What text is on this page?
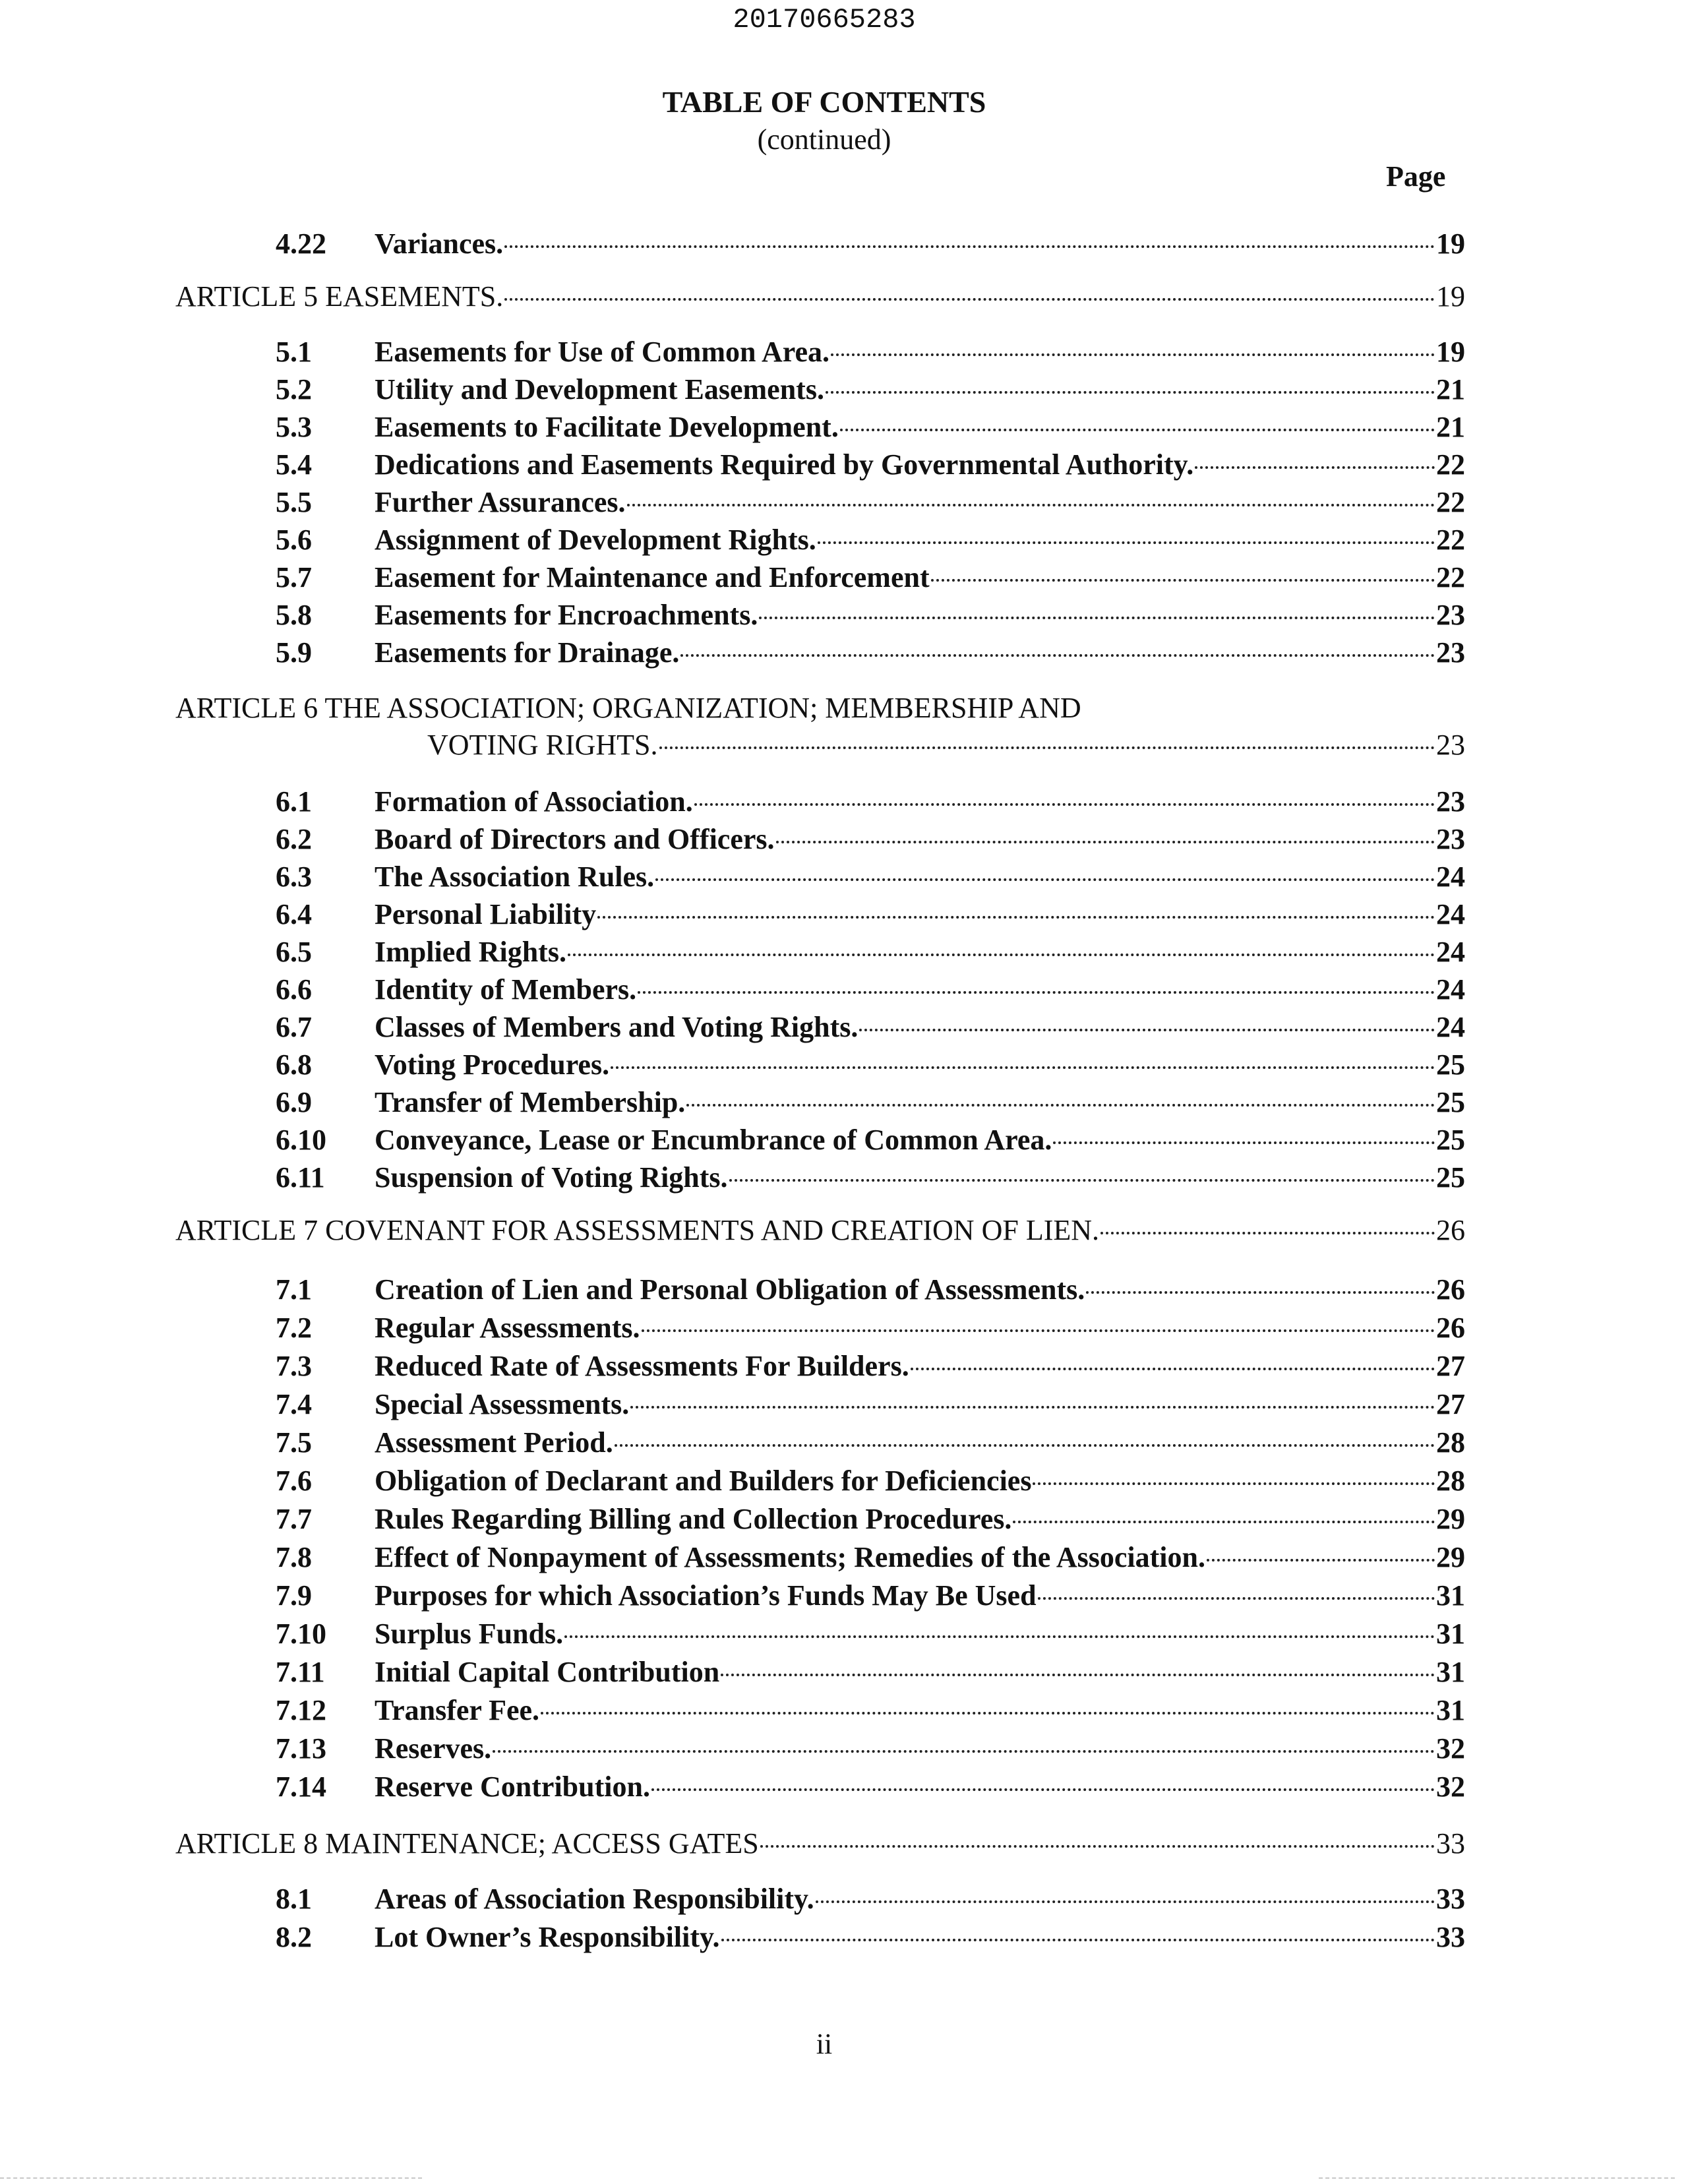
20170665283
TABLE OF CONTENTS
(continued)
Page
4.22	Variances.	19
ARTICLE 5 EASEMENTS.	19
5.1	Easements for Use of Common Area.	19
5.2	Utility and Development Easements.	21
5.3	Easements to Facilitate Development.	21
5.4	Dedications and Easements Required by Governmental Authority.	22
5.5	Further Assurances.	22
5.6	Assignment of Development Rights.	22
5.7	Easement for Maintenance and Enforcement	22
5.8	Easements for Encroachments.	23
5.9	Easements for Drainage.	23
ARTICLE 6 THE ASSOCIATION; ORGANIZATION; MEMBERSHIP AND
VOTING RIGHTS.	23
6.1	Formation of Association.	23
6.2	Board of Directors and Officers.	23
6.3	The Association Rules.	24
6.4	Personal Liability	24
6.5	Implied Rights.	24
6.6	Identity of Members.	24
6.7	Classes of Members and Voting Rights.	24
6.8	Voting Procedures.	25
6.9	Transfer of Membership.	25
6.10	Conveyance, Lease or Encumbrance of Common Area.	25
6.11	Suspension of Voting Rights.	25
ARTICLE 7 COVENANT FOR ASSESSMENTS AND CREATION OF LIEN.	26
7.1	Creation of Lien and Personal Obligation of Assessments.	26
7.2	Regular Assessments.	26
7.3	Reduced Rate of Assessments For Builders.	27
7.4	Special Assessments.	27
7.5	Assessment Period.	28
7.6	Obligation of Declarant and Builders for Deficiencies	28
7.7	Rules Regarding Billing and Collection Procedures.	29
7.8	Effect of Nonpayment of Assessments; Remedies of the Association.	29
7.9	Purposes for which Association’s Funds May Be Used	31
7.10	Surplus Funds.	31
7.11	Initial Capital Contribution	31
7.12	Transfer Fee.	31
7.13	Reserves.	32
7.14	Reserve Contribution.	32
ARTICLE 8 MAINTENANCE; ACCESS GATES	33
8.1	Areas of Association Responsibility.	33
8.2	Lot Owner’s Responsibility.	33
ii
